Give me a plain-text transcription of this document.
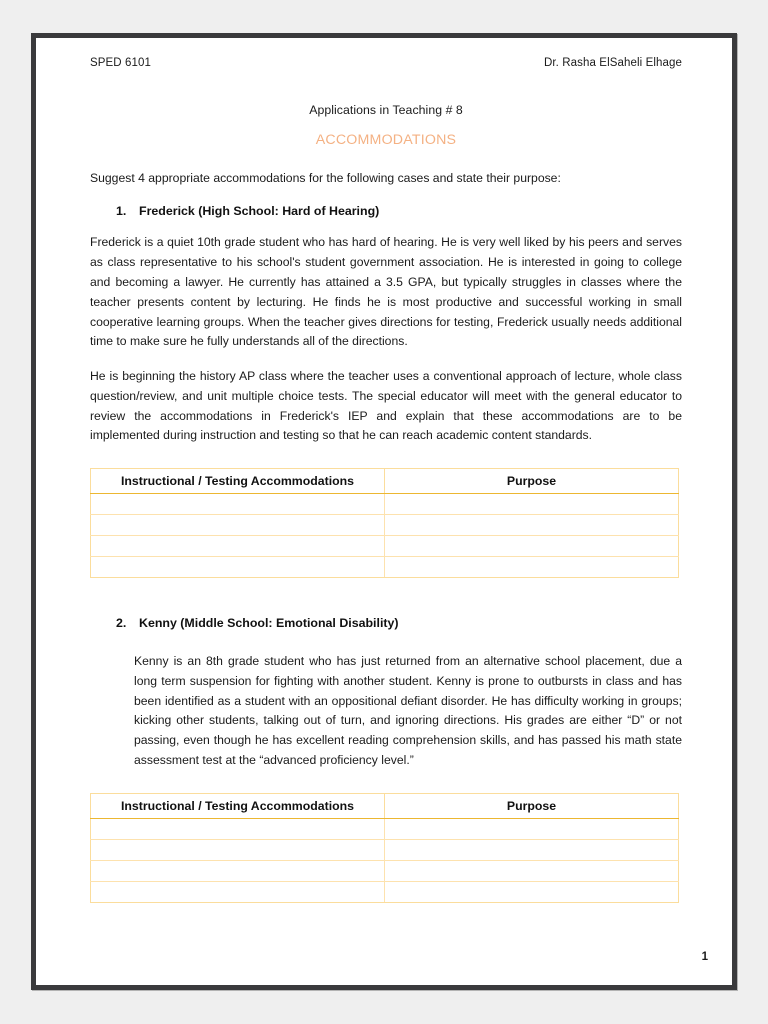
SPED 6101	Dr. Rasha ElSaheli Elhage
Applications in Teaching # 8
ACCOMMODATIONS
Suggest 4 appropriate accommodations for the following cases and state their purpose:
1. Frederick (High School: Hard of Hearing)

Frederick is a quiet 10th grade student who has hard of hearing. He is very well liked by his peers and serves as class representative to his school's student government association. He is interested in going to college and becoming a lawyer. He currently has attained a 3.5 GPA, but typically struggles in classes where the teacher presents content by lecturing. He finds he is most productive and successful working in small cooperative learning groups. When the teacher gives directions for testing, Frederick usually needs additional time to make sure he fully understands all of the directions.

He is beginning the history AP class where the teacher uses a conventional approach of lecture, whole class question/review, and unit multiple choice tests. The special educator will meet with the general educator to review the accommodations in Frederick's IEP and explain that these accommodations are to be implemented during instruction and testing so that he can reach academic content standards.

Instructional / Testing Accommodations	Purpose

2. Kenny (Middle School: Emotional Disability)

Kenny is an 8th grade student who has just returned from an alternative school placement, due a long term suspension for fighting with another student. Kenny is prone to outbursts in class and has been identified as a student with an oppositional defiant disorder. He has difficulty working in groups; kicking other students, talking out of turn, and ignoring directions. His grades are either “D” or not passing, even though he has excellent reading comprehension skills, and has passed his math state assessment test at the “advanced proficiency level.”

Instructional / Testing Accommodations	Purpose

1
